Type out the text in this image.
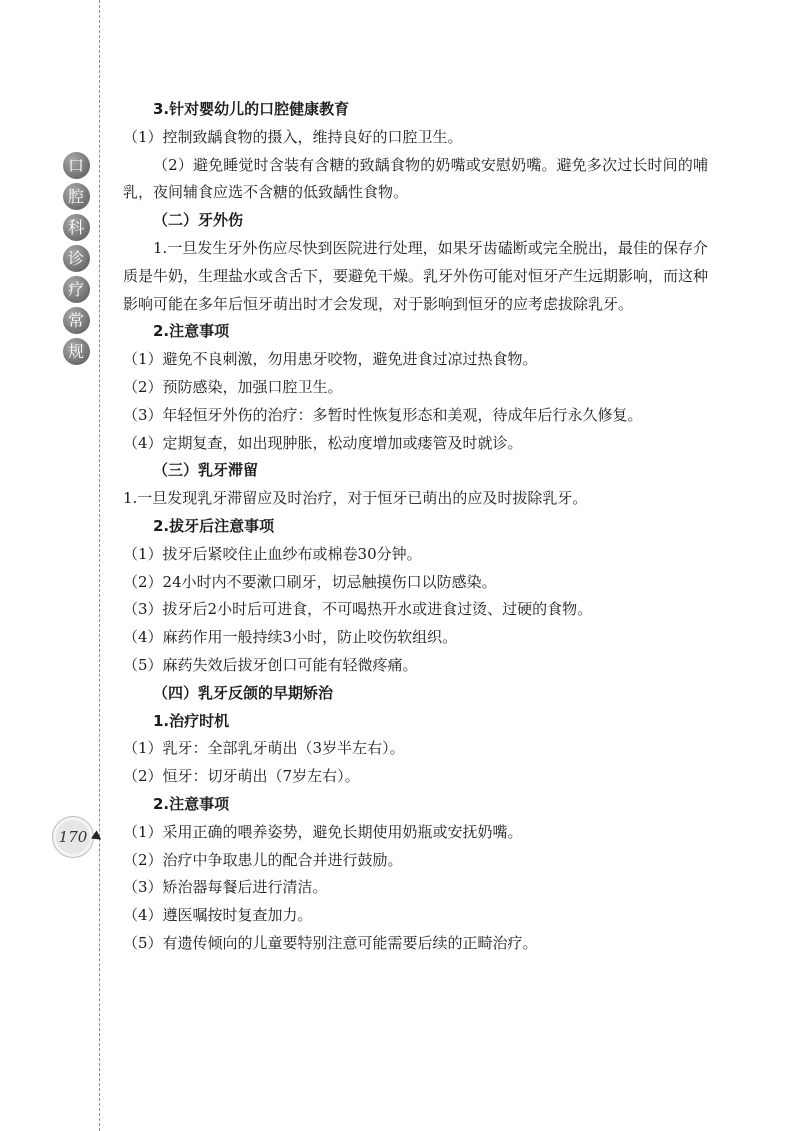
口
腔
科
诊
疗
常
规
170

3.针对婴幼儿的口腔健康教育

（1）控制致龋食物的摄入，维持良好的口腔卫生。

（2）避免睡觉时含装有含糖的致龋食物的奶嘴或安慰奶嘴。避免多次过长时间的哺乳，夜间辅食应选不含糖的低致龋性食物。

（二）牙外伤

1.一旦发生牙外伤应尽快到医院进行处理，如果牙齿磕断或完全脱出，最佳的保存介质是牛奶，生理盐水或含舌下，要避免干燥。乳牙外伤可能对恒牙产生远期影响，而这种影响可能在多年后恒牙萌出时才会发现，对于影响到恒牙的应考虑拔除乳牙。

2.注意事项

（1）避免不良刺激，勿用患牙咬物，避免进食过凉过热食物。

（2）预防感染，加强口腔卫生。

（3）年轻恒牙外伤的治疗：多暂时性恢复形态和美观，待成年后行永久修复。

（4）定期复查，如出现肿胀，松动度增加或瘘管及时就诊。

（三）乳牙滞留

1.一旦发现乳牙滞留应及时治疗，对于恒牙已萌出的应及时拔除乳牙。

2.拔牙后注意事项

（1）拔牙后紧咬住止血纱布或棉卷30分钟。

（2）24小时内不要漱口刷牙，切忌触摸伤口以防感染。

（3）拔牙后2小时后可进食，不可喝热开水或进食过烫、过硬的食物。

（4）麻药作用一般持续3小时，防止咬伤软组织。

（5）麻药失效后拔牙创口可能有轻微疼痛。

（四）乳牙反颌的早期矫治

1.治疗时机

（1）乳牙：全部乳牙萌出（3岁半左右）。

（2）恒牙：切牙萌出（7岁左右）。

2.注意事项

（1）采用正确的喂养姿势，避免长期使用奶瓶或安抚奶嘴。

（2）治疗中争取患儿的配合并进行鼓励。

（3）矫治器每餐后进行清洁。

（4）遵医嘱按时复查加力。

（5）有遗传倾向的儿童要特别注意可能需要后续的正畸治疗。
